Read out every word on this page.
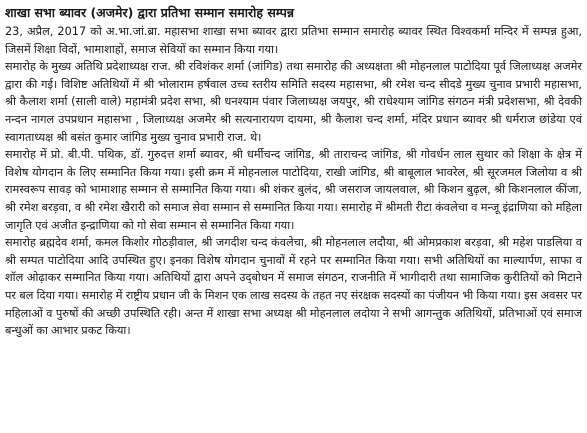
शाखा सभा ब्यावर (अजमेर) द्वारा प्रतिभा सम्मान समारोह सम्पन्न

23, अप्रैल, 2017 को अ.भा.जां.ब्रा. महासभा शाखा सभा ब्यावर द्वारा प्रतिभा सम्मान समारोह ब्यावर स्थित विश्वकर्मा मन्दिर में सम्पन्न हुआ, जिसमें शिक्षा विदों, भामाशाहों, समाज सेवियों का सम्मान किया गया।

समारोह के मुख्य अतिथि प्रदेशाध्यक्ष राज. श्री रविशंकर शर्मा (जांगिड) तथा समारोह की अध्यक्षता श्री मोहनलाल पाटोदिया पूर्व जिलाध्यक्ष अजमेर द्वारा की गई। विशिष्ट अतिथियों में श्री भोलाराम हर्षवाल उच्च स्तरीय समिति सदस्य महासभा, श्री रमेश चन्द सीदडे मुख्य चुनाव प्रभारी महासभा, श्री कैलाश शर्मा (साली वाले) महामंत्री प्रदेश सभा, श्री धनश्याम पंवार जिलाध्यक्ष जयपुर, श्री राधेश्याम जांगिड संगठन मंत्री प्रदेशसभा, श्री देवकी नन्दन नागल उपप्रधान महासभा , जिलाध्यक्ष अजमेर श्री सत्यनारायण दायमा, श्री कैलाश चन्द शर्मा, मंदिर प्रधान ब्यावर श्री धर्मराज छांडेया एवं स्वागताध्यक्ष श्री बसंत कुमार जांगिड मुख्य चुनाव प्रभारी राज. थे।

समारोह में प्रो. बी.पी. पथिक, डॉ. गुरुदत्त शर्मा ब्यावर, श्री धर्मीचन्द जांगिड, श्री ताराचन्द जांगिड, श्री गोवर्धन लाल सुथार को शिक्षा के क्षेत्र में विशेष योगदान के लिए सम्मानित किया गया। इसी क्रम में मोहनलाल पाटोदिया, राखी जांगिड, श्री बाबूलाल भावरेल, श्री सूरजमल जिलोया व श्री रामस्वरूप सावड़ को भामाशाह सम्मान से सम्मानित किया गया। श्री शंकर बुलंद, श्री जसराज जायलवाल, श्री किशन बुढ़ल, श्री किशनलाल कींजा, श्री रमेश बरड़वा, व श्री रमेश खैरारी को समाज सेवा सम्मान से सम्मानित किया गया। समारोह में श्रीमती रीटा कंवलेचा व मन्जू इंद्राणिया को महिला जागृति एवं अजीत इन्द्राणिया को गो सेवा सम्मान से सम्मानित किया गया।

समारोह ब्रह्मदेव शर्मा, कमल किशोर गोठड़ीवाल, श्री जगदीश चन्द कंवलेचा, श्री मोहनलाल लदौया, श्री ओमप्रकाश बरड़वा, श्री महेश पाडलिया व श्री सम्पत पाटोदिया आदि उपस्थित हुए। इनका विशेष योगदान चुनावों में रहने पर सम्मानित किया गया। सभी अतिथियों का माल्यार्पण, साफा व शॉल ओढ़ाकर सम्मानित किया गया। अतिथियों द्वारा अपने उद्‌बोधन में समाज संगठन, राजनीति में भागीदारी तथा सामाजिक कुरीतियों को मिटाने पर बल दिया गया। समारोह में राष्ट्रीय प्रधान जी के मिशन एक लाख सदस्य के तहत नए संरक्षक सदस्यों का पंजीयन भी किया गया। इस अवसर पर महिलाओं व पुरुषों की अच्छी उपस्थिति रही। अन्त में शाखा सभा अध्यक्ष श्री मोहनलाल लदोया ने सभी आगन्तुक अतिथियों, प्रतिभाओं एवं समाज बन्धुओं का आभार प्रकट किया।
